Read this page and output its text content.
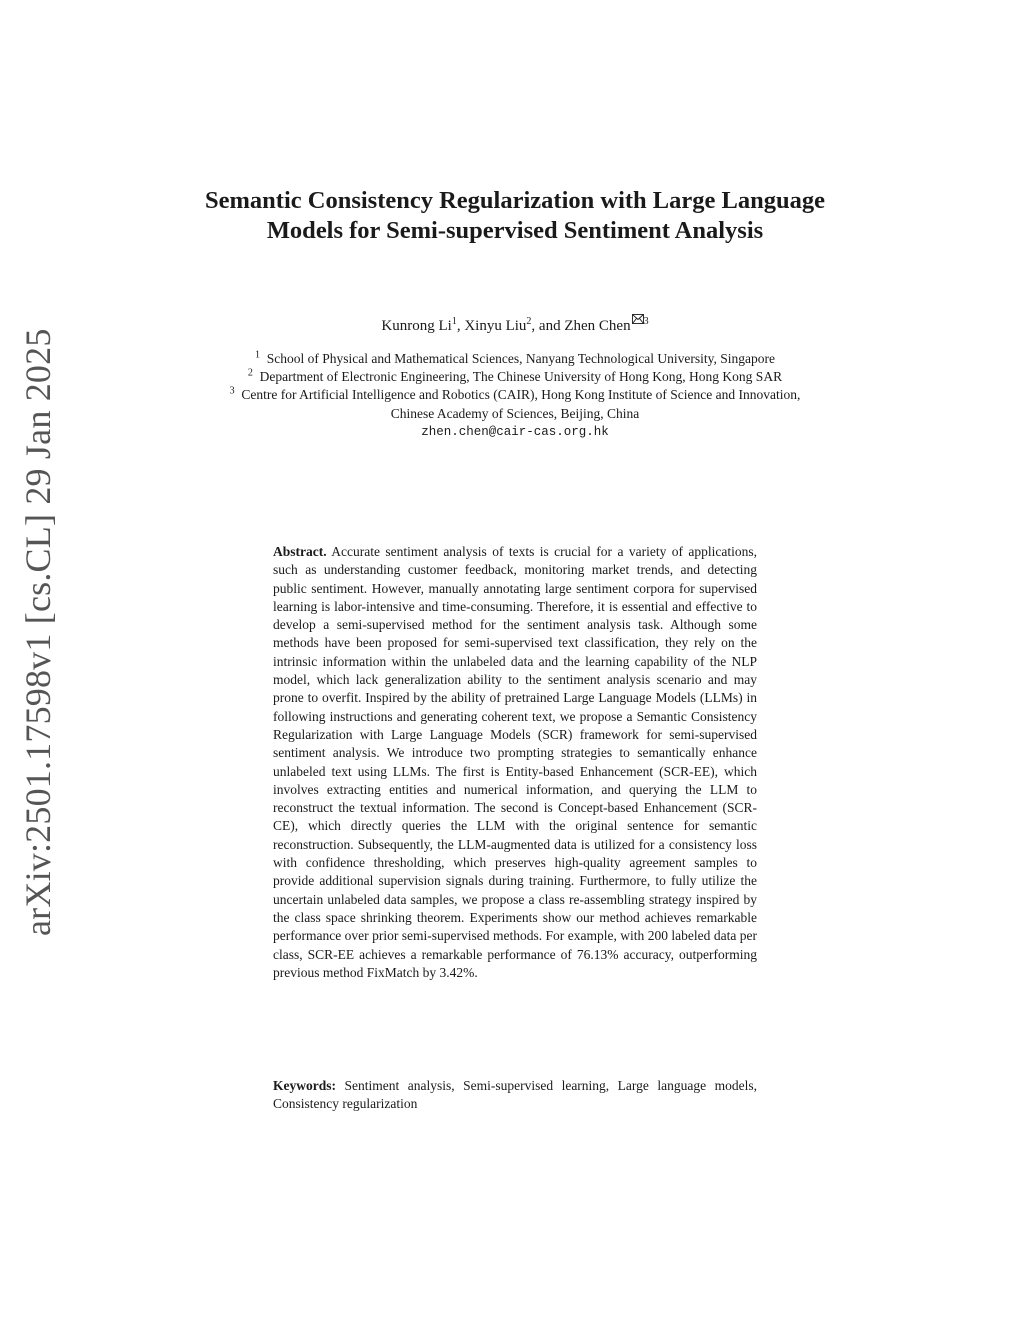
arXiv:2501.17598v1 [cs.CL] 29 Jan 2025
Semantic Consistency Regularization with Large Language Models for Semi-supervised Sentiment Analysis
Kunrong Li$^1$, Xinyu Liu$^2$, and Zhen Chen $^3$

$^1$ School of Physical and Mathematical Sciences, Nanyang Technological University, Singapore

$^2$ Department of Electronic Engineering, The Chinese University of Hong Kong, Hong Kong SAR

$^3$ Centre for Artificial Intelligence and Robotics (CAIR), Hong Kong Institute of Science and Innovation, Chinese Academy of Sciences, Beijing, China

zhen.chen@cair-cas.org.hk

Abstract. Accurate sentiment analysis of texts is crucial for a variety of applications, such as understanding customer feedback, monitoring market trends, and detecting public sentiment. However, manually annotating large sentiment corpora for supervised learning is labor-intensive and time-consuming. Therefore, it is essential and effective to develop a semi-supervised method for the sentiment analysis task. Although some methods have been proposed for semi-supervised text classification, they rely on the intrinsic information within the unlabeled data and the learning capability of the NLP model, which lack generalization ability to the sentiment analysis scenario and may prone to overfit. Inspired by the ability of pretrained Large Language Models (LLMs) in following instructions and generating coherent text, we propose a Semantic Consistency Regularization with Large Language Models (SCR) framework for semi-supervised sentiment analysis. We introduce two prompting strategies to semantically enhance unlabeled text using LLMs. The first is Entity-based Enhancement (SCR-EE), which involves extracting entities and numerical information, and querying the LLM to reconstruct the textual information. The second is Concept-based Enhancement (SCR-CE), which directly queries the LLM with the original sentence for semantic reconstruction. Subsequently, the LLM-augmented data is utilized for a consistency loss with confidence thresholding, which preserves high-quality agreement samples to provide additional supervision signals during training. Furthermore, to fully utilize the uncertain unlabeled data samples, we propose a class re-assembling strategy inspired by the class space shrinking theorem. Experiments show our method achieves remarkable performance over prior semi-supervised methods. For example, with 200 labeled data per class, SCR-EE achieves a remarkable performance of 76.13% accuracy, outperforming previous method FixMatch by 3.42%.

Keywords: Sentiment analysis, Semi-supervised learning, Large language models, Consistency regularization
